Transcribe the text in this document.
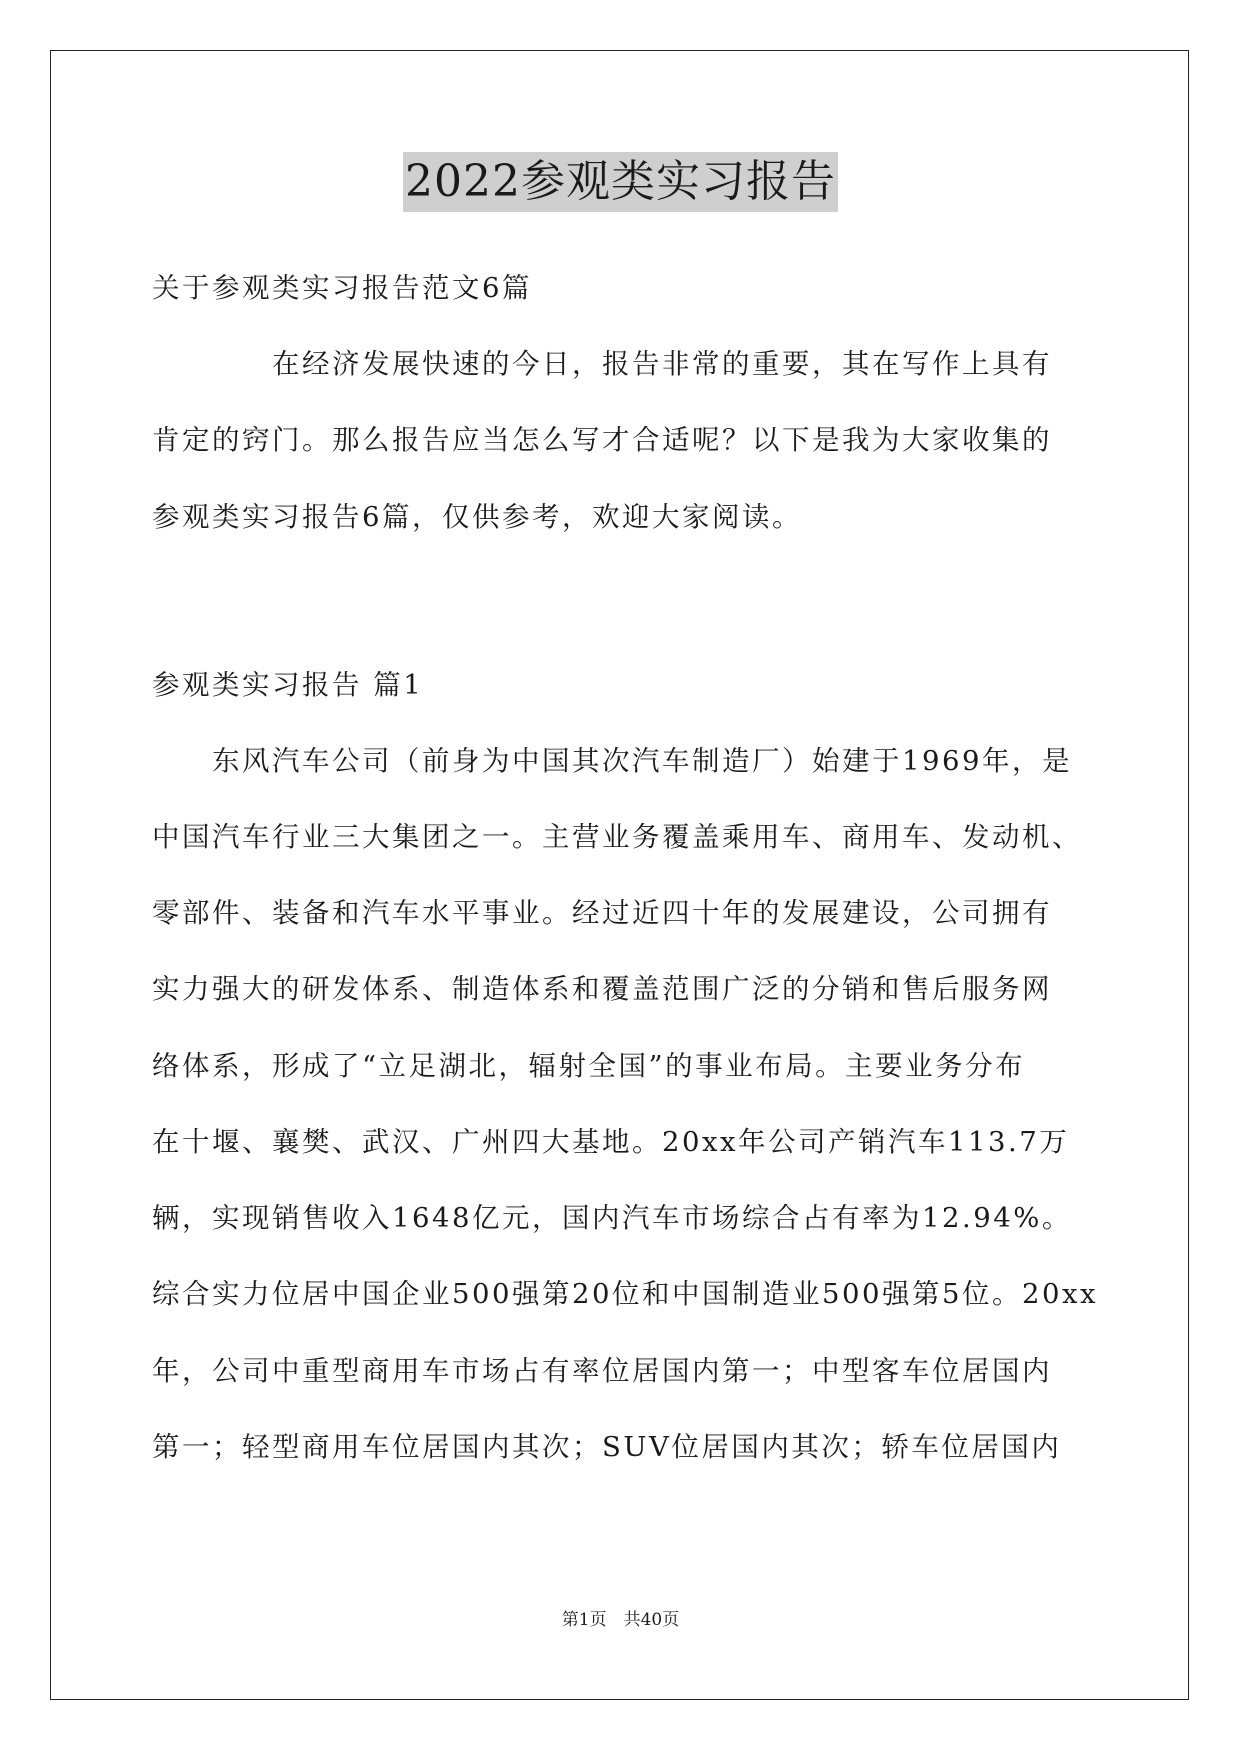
2022参观类实习报告
关于参观类实习报告范文6篇
在经济发展快速的今日，报告非常的重要，其在写作上具有
肯定的窍门。那么报告应当怎么写才合适呢？以下是我为大家收集的
参观类实习报告6篇，仅供参考，欢迎大家阅读。
参观类实习报告 篇1
东风汽车公司（前身为中国其次汽车制造厂）始建于1969年，是
中国汽车行业三大集团之一。主营业务覆盖乘用车、商用车、发动机、
零部件、装备和汽车水平事业。经过近四十年的发展建设，公司拥有
实力强大的研发体系、制造体系和覆盖范围广泛的分销和售后服务网
络体系，形成了“立足湖北，辐射全国”的事业布局。主要业务分布
在十堰、襄樊、武汉、广州四大基地。20xx年公司产销汽车113.7万
辆，实现销售收入1648亿元，国内汽车市场综合占有率为12.94%。
综合实力位居中国企业500强第20位和中国制造业500强第5位。20xx
年，公司中重型商用车市场占有率位居国内第一；中型客车位居国内
第一；轻型商用车位居国内其次；SUV位居国内其次；轿车位居国内
第1页　共40页
